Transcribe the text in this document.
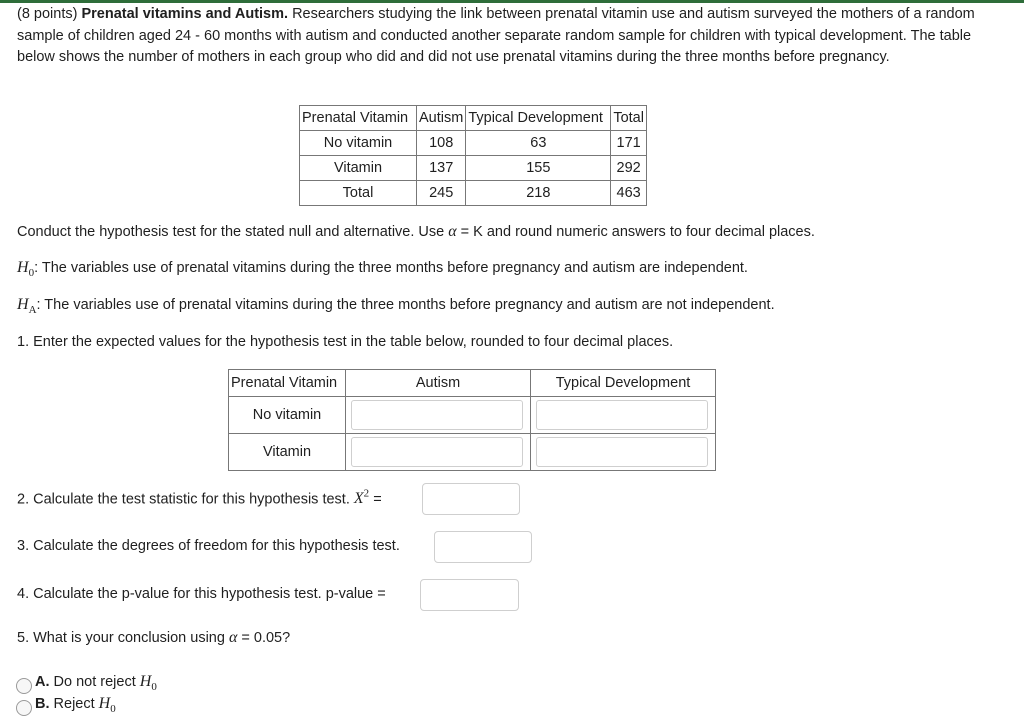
(8 points) Prenatal vitamins and Autism. Researchers studying the link between prenatal vitamin use and autism surveyed the mothers of a random sample of children aged 24 - 60 months with autism and conducted another separate random sample for children with typical development. The table below shows the number of mothers in each group who did and did not use prenatal vitamins during the three months before pregnancy.
Prenatal Vitamin	Autism	Typical Development	Total
No vitamin	108	63	171
Vitamin	137	155	292
Total	245	218	463
Conduct the hypothesis test for the stated null and alternative. Use α = K and round numeric answers to four decimal places.
$H_0$: The variables use of prenatal vitamins during the three months before pregnancy and autism are independent.
$H_A$: The variables use of prenatal vitamins during the three months before pregnancy and autism are not independent.
1. Enter the expected values for the hypothesis test in the table below, rounded to four decimal places.
Prenatal Vitamin	Autism	Typical Development
No vitamin	

Vitamin	

2. Calculate the test statistic for this hypothesis test. $X^2$ =
3. Calculate the degrees of freedom for this hypothesis test.
4. Calculate the p-value for this hypothesis test. p-value =
5. What is your conclusion using α = 0.05?
A. Do not reject $H_0$
B. Reject $H_0$
